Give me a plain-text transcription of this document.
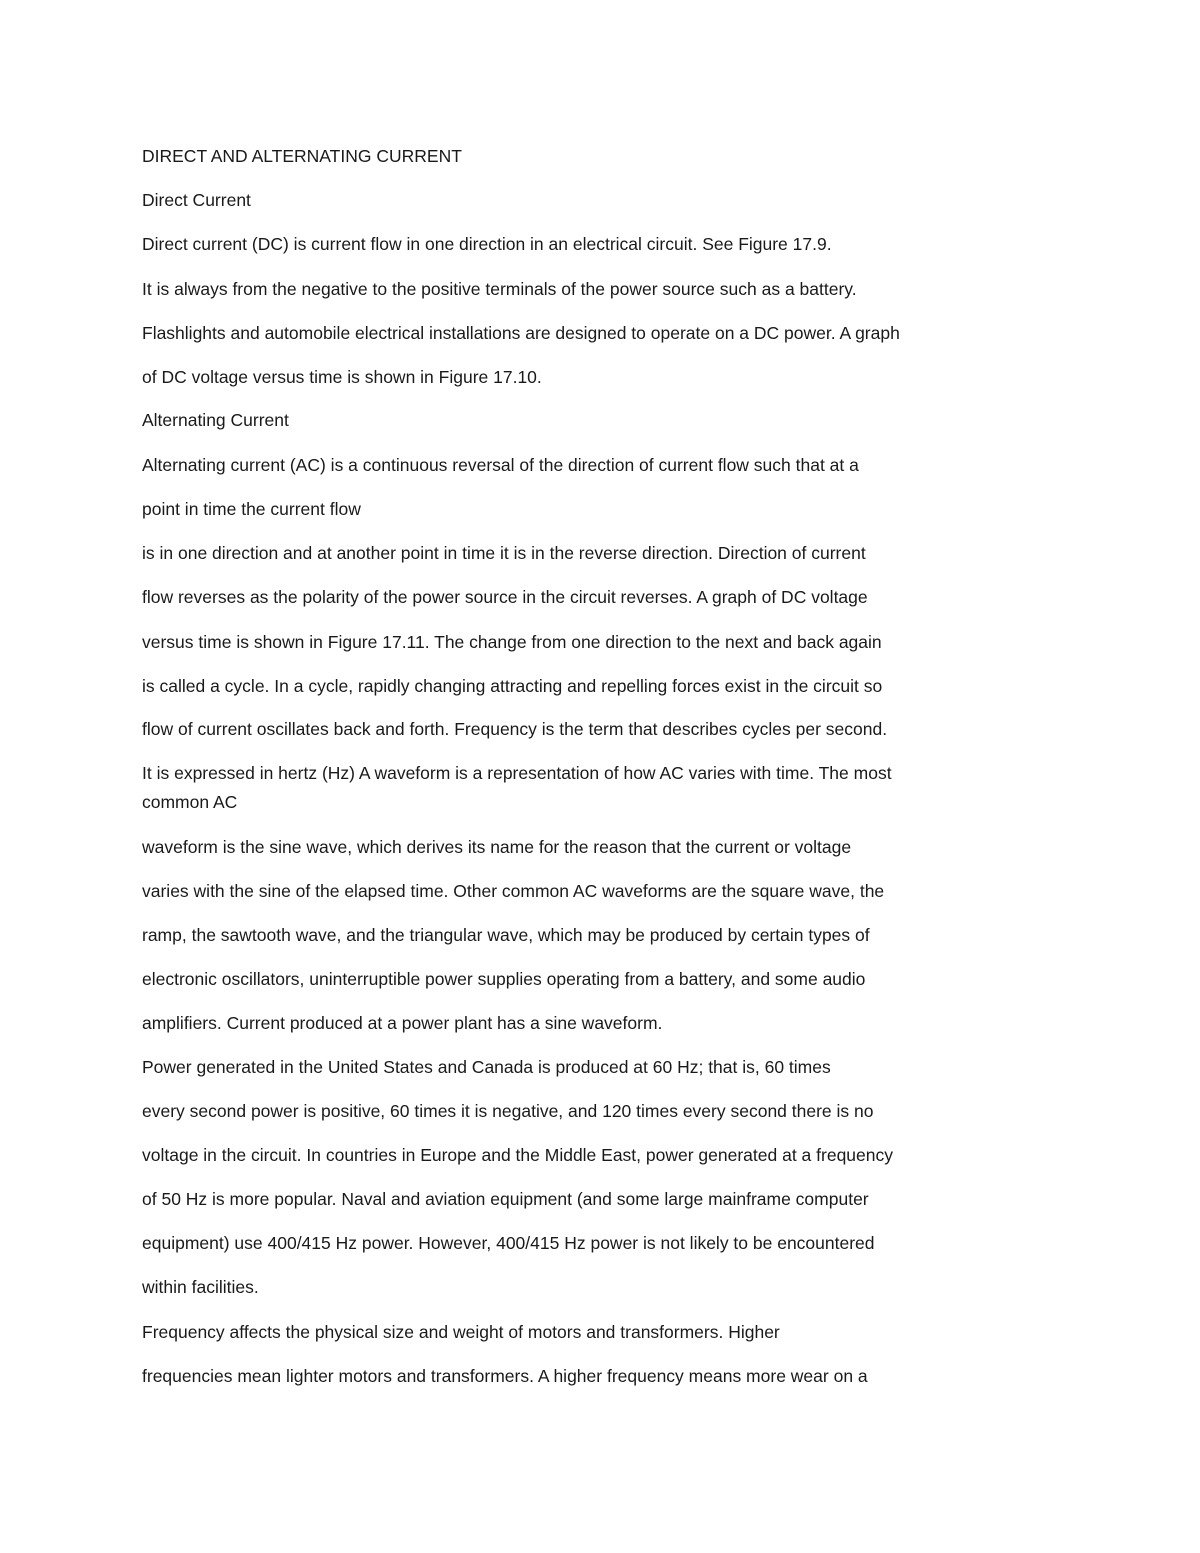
DIRECT AND ALTERNATING CURRENT

Direct Current

Direct current (DC) is current flow in one direction in an electrical circuit. See Figure 17.9.

It is always from the negative to the positive terminals of the power source such as a battery.

Flashlights and automobile electrical installations are designed to operate on a DC power. A graph

of DC voltage versus time is shown in Figure 17.10.

Alternating Current

Alternating current (AC) is a continuous reversal of the direction of current flow such that at a

point in time the current flow

is in one direction and at another point in time it is in the reverse direction. Direction of current

flow reverses as the polarity of the power source in the circuit reverses. A graph of DC voltage

versus time is shown in Figure 17.11. The change from one direction to the next and back again

is called a cycle. In a cycle, rapidly changing attracting and repelling forces exist in the circuit so

flow of current oscillates back and forth. Frequency is the term that describes cycles per second.

It is expressed in hertz (Hz) A waveform is a representation of how AC varies with time. The most

common AC

waveform is the sine wave, which derives its name for the reason that the current or voltage

varies with the sine of the elapsed time. Other common AC waveforms are the square wave, the

ramp, the sawtooth wave, and the triangular wave, which may be produced by certain types of

electronic oscillators, uninterruptible power supplies operating from a battery, and some audio

amplifiers. Current produced at a power plant has a sine waveform.

Power generated in the United States and Canada is produced at 60 Hz; that is, 60 times

every second power is positive, 60 times it is negative, and 120 times every second there is no

voltage in the circuit. In countries in Europe and the Middle East, power generated at a frequency

of 50 Hz is more popular. Naval and aviation equipment (and some large mainframe computer

equipment) use 400/415 Hz power. However, 400/415 Hz power is not likely to be encountered

within facilities.

Frequency affects the physical size and weight of motors and transformers. Higher

frequencies mean lighter motors and transformers. A higher frequency means more wear on a
